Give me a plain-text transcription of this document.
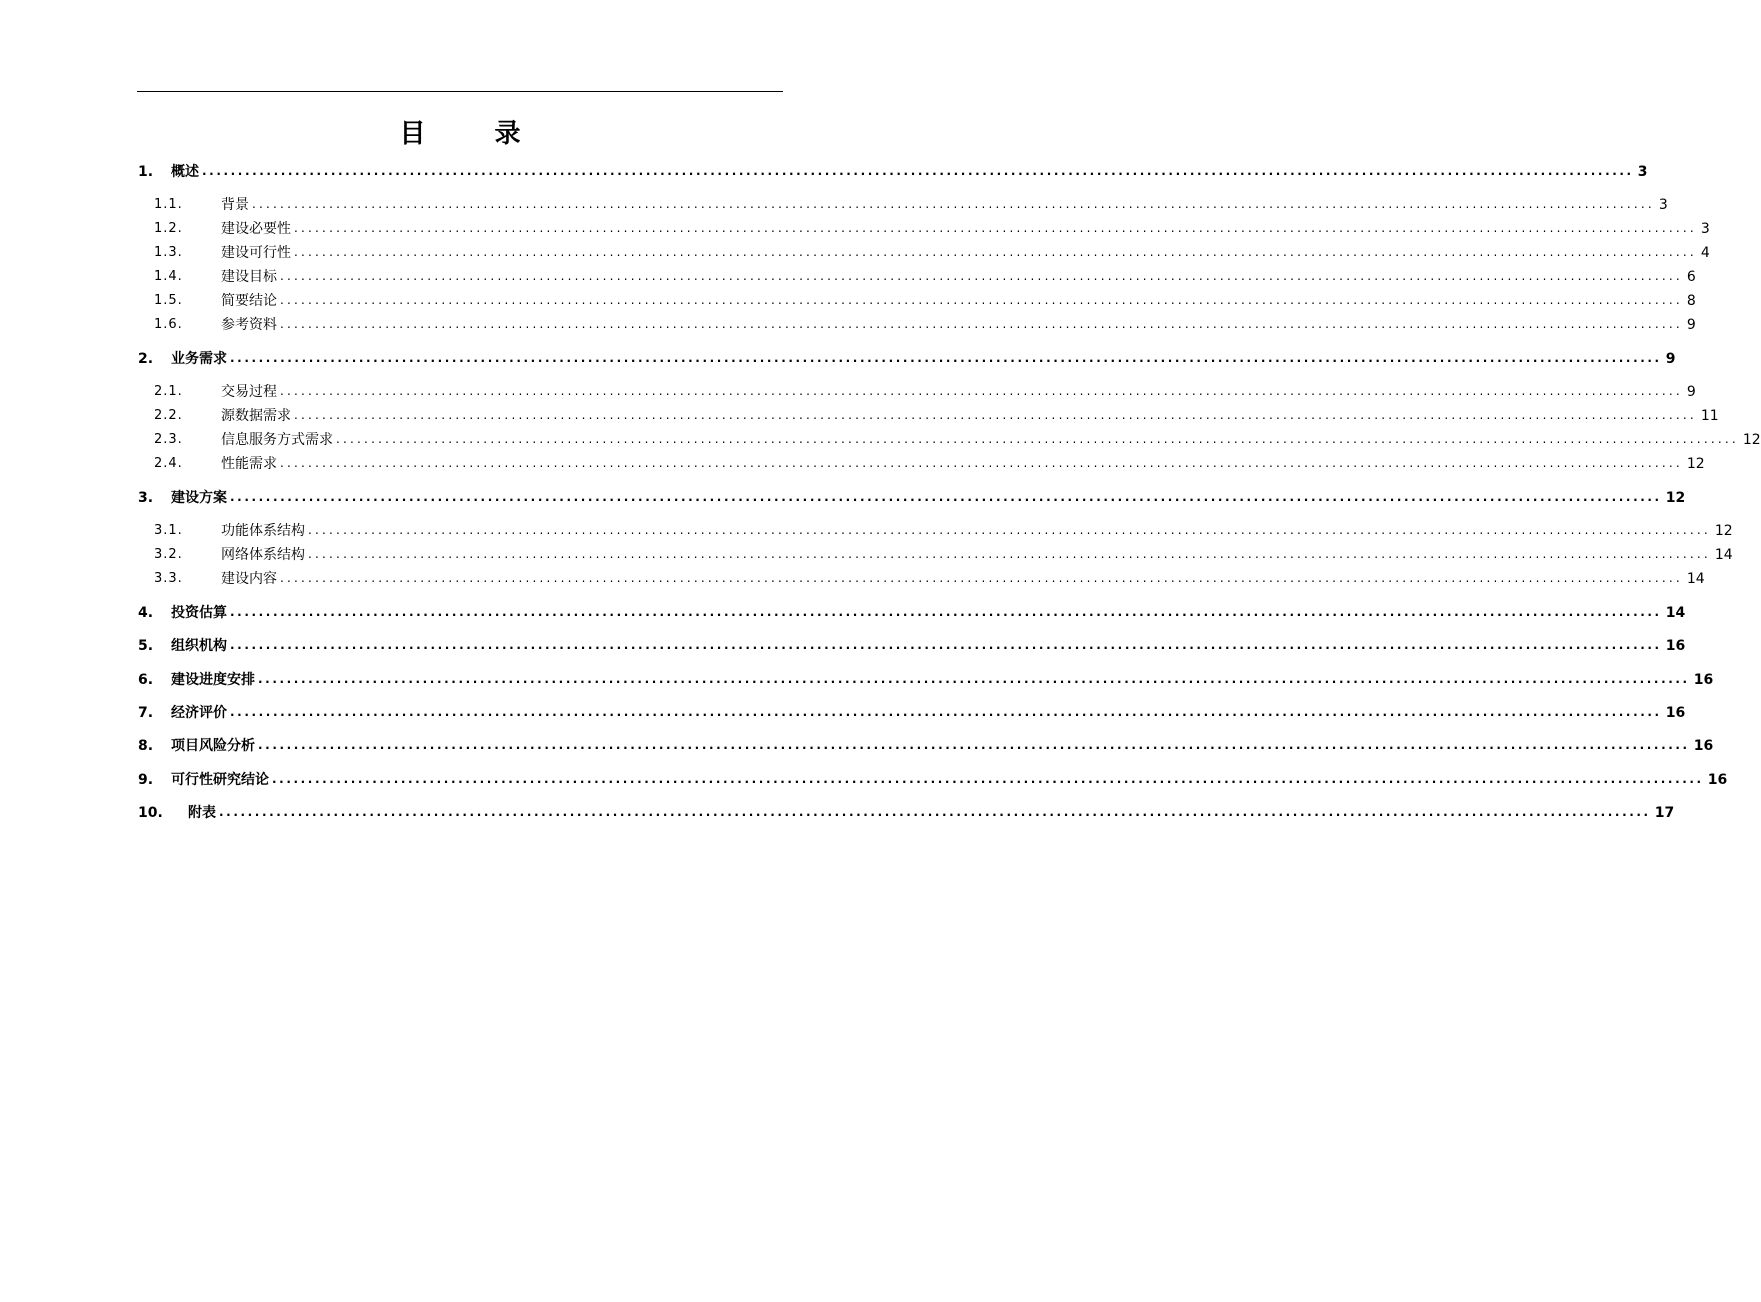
目 录
1.	概述 ........................................................................................................................................................................................................ 3
1.1.	背景 ........................................................................................................................................................................................................ 3
1.2.	建设必要性 ........................................................................................................................................................................................................ 3
1.3.	建设可行性 ........................................................................................................................................................................................................ 4
1.4.	建设目标 ........................................................................................................................................................................................................ 6
1.5.	简要结论 ........................................................................................................................................................................................................ 8
1.6.	参考资料 ........................................................................................................................................................................................................ 9
2.	业务需求 ........................................................................................................................................................................................................ 9
2.1.	交易过程 ........................................................................................................................................................................................................ 9
2.2.	源数据需求 ........................................................................................................................................................................................................ 11
2.3.	信息服务方式需求 ........................................................................................................................................................................................................ 12
2.4.	性能需求 ........................................................................................................................................................................................................ 12
3.	建设方案 ........................................................................................................................................................................................................ 12
3.1.	功能体系结构 ........................................................................................................................................................................................................ 12
3.2.	网络体系结构 ........................................................................................................................................................................................................ 14
3.3.	建设内容 ........................................................................................................................................................................................................ 14
4.	投资估算 ........................................................................................................................................................................................................ 14
5.	组织机构 ........................................................................................................................................................................................................ 16
6.	建设进度安排 ........................................................................................................................................................................................................ 16
7.	经济评价 ........................................................................................................................................................................................................ 16
8.	项目风险分析 ........................................................................................................................................................................................................ 16
9.	可行性研究结论 ........................................................................................................................................................................................................ 16
10.	附表 ........................................................................................................................................................................................................ 17
